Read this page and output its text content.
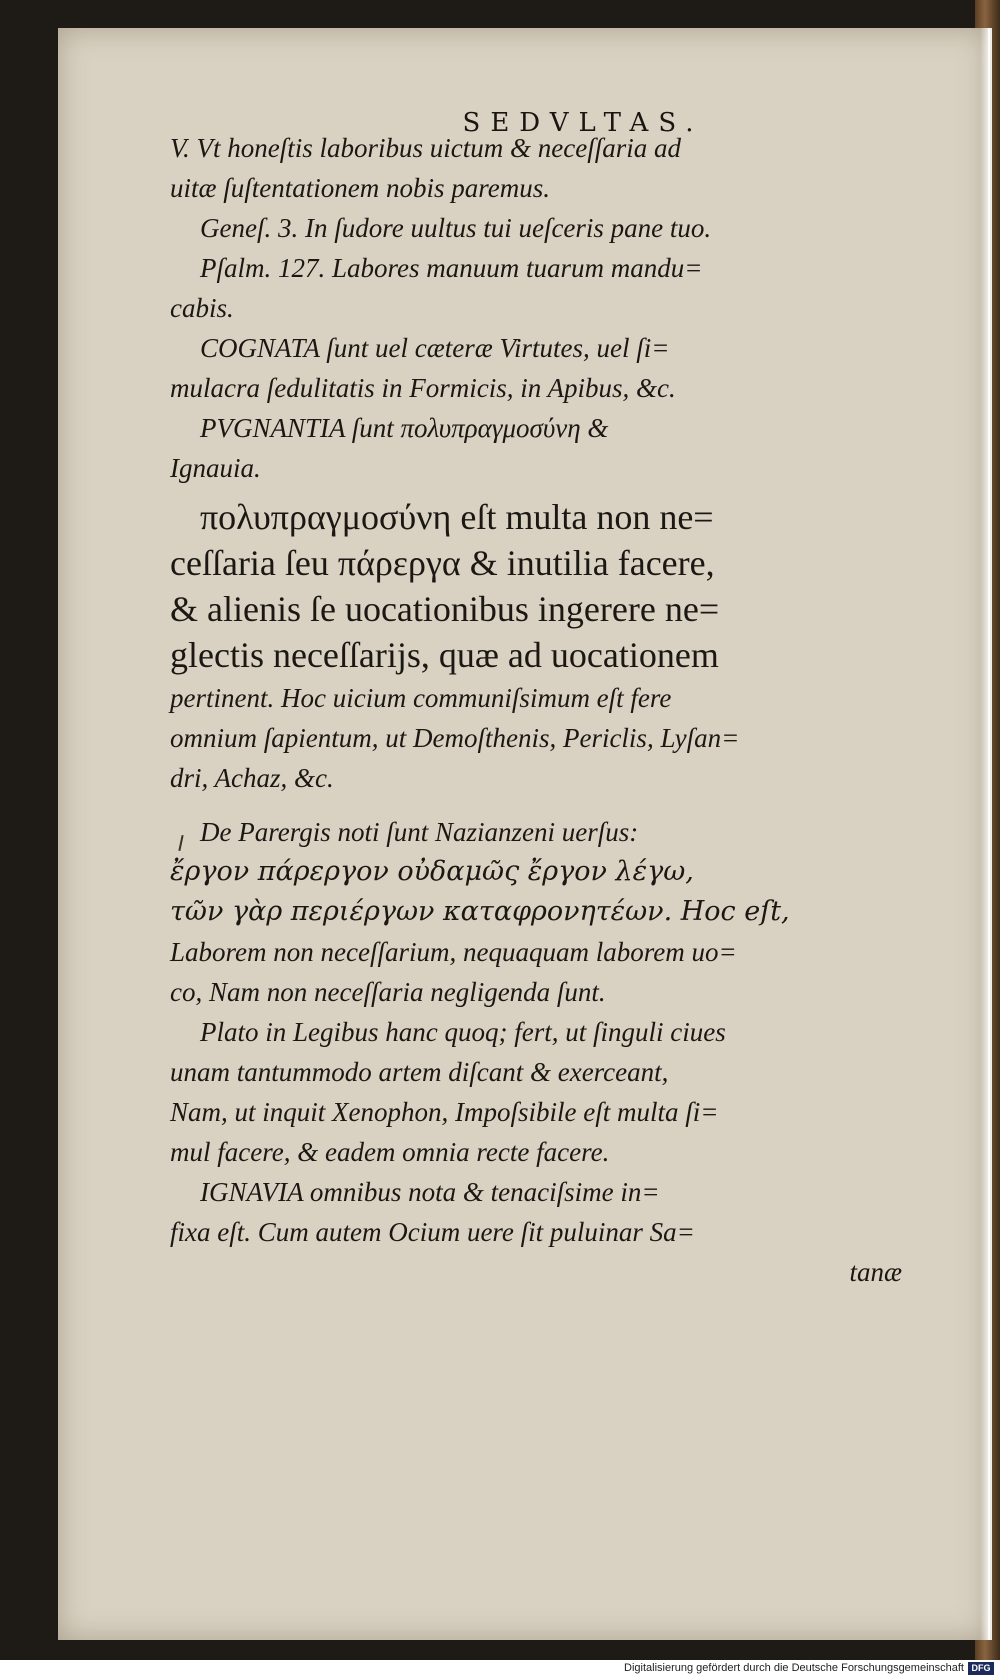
SEDVLTAS.
V. Vt honeſtis laboribus uictum & neceſſaria ad
uitæ ſuſtentationem nobis paremus.
Geneſ. 3. In ſudore uultus tui ueſceris pane tuo.
Pſalm. 127. Labores manuum tuarum mandu=
cabis.
COGNATA ſunt uel cæteræ Virtutes, uel ſi=
mulacra ſedulitatis in Formicis, in Apibus, &c.
PVGNANTIA ſunt πολυπραγμοσύνη &
Ignauia.
πολυπραγμοσύνη eſt multa non ne=
ceſſaria ſeu πάρεργα & inutilia facere,
& alienis ſe uocationibus ingerere ne=
glectis neceſſarijs, quæ ad uocationem
pertinent. Hoc uicium communiſsimum eſt fere
omnium ſapientum, ut Demoſthenis, Periclis, Lyſan=
dri, Achaz, &c.
De Parergis noti ſunt Nazianzeni uerſus:
ἔργον πάρεργον οὐδαμῶς ἔργον λέγω,
τῶν γὰρ περιέργων καταφρονητέων. Hoc eſt,
Laborem non neceſſarium, nequaquam laborem uo=
co, Nam non neceſſaria negligenda ſunt.
Plato in Legibus hanc quoq; fert, ut ſinguli ciues
unam tantummodo artem diſcant & exerceant,
Nam, ut inquit Xenophon, Impoſsibile eſt multa ſi=
mul facere, & eadem omnia recte facere.
IGNAVIA omnibus nota & tenaciſsime in=
fixa eſt. Cum autem Ocium uere ſit puluinar Sa=
tanæ
Digitalisierung gefördert durch die Deutsche Forschungsgemeinschaft DFG
